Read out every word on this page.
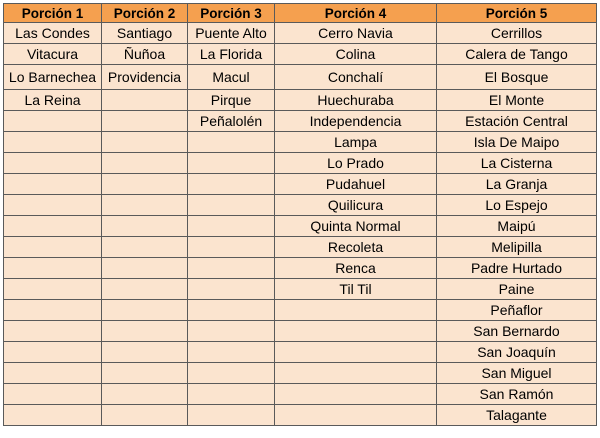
Porción 1	Porción 2	Porción 3	Porción 4	Porción 5
Las Condes	Santiago	Puente Alto	Cerro Navia	Cerrillos
Vitacura	Ñuñoa	La Florida	Colina	Calera de Tango
Lo Barnechea	Providencia	Macul	Conchalí	El Bosque
La Reina		Pirque	Huechuraba	El Monte
		Peñalolén	Independencia	Estación Central
			Lampa	Isla De Maipo
			Lo Prado	La Cisterna
			Pudahuel	La Granja
			Quilicura	Lo Espejo
			Quinta Normal	Maipú
			Recoleta	Melipilla
			Renca	Padre Hurtado
			Til Til	Paine
				Peñaflor
				San Bernardo
				San Joaquín
				San Miguel
				San Ramón
				Talagante
